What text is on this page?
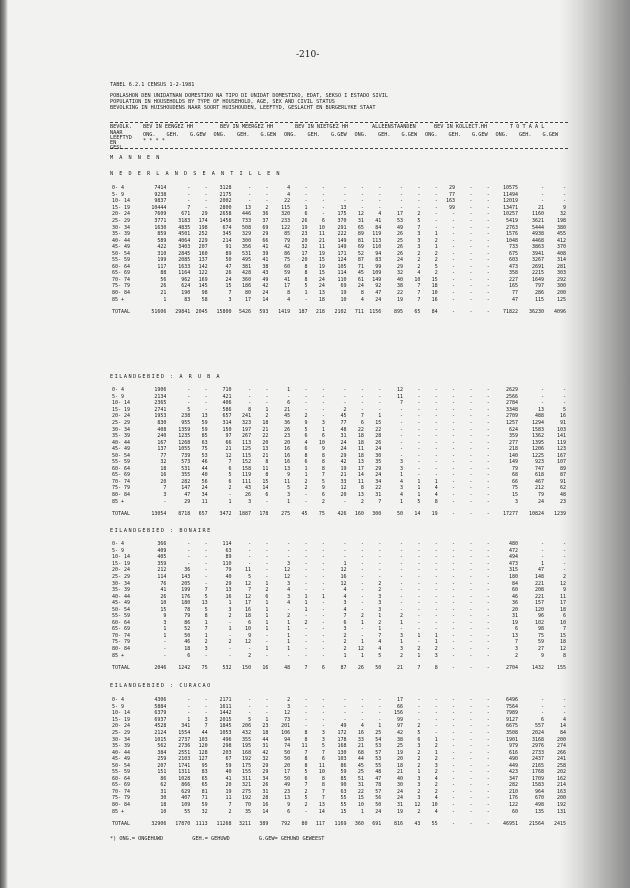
-210-
TABEL 6.2.1 CENSUS 1-2-1981
POBLASHON DEN UNIDATNAN DOMESTIKO NA TIPO DI UNIDAT DOMESTIKO, EDAT, SEKSO I ESTADO SIVIL
POPULATION IN HOUSEHOLDS BY TYPE OF HOUSEHOLD, AGE, SEX AND CIVIL STATUS
BEVOLKING IN HUISHOUDENS NAAR SOORT HUISHOUDEN, LEEFTYD, GESLACHT EN BURGERLYKE STAAT
BEVOLK.
NAAR
LEEFTYD
EN
GESL.
BEV IN EENGEZ HH	BEV IN MEERGEZ HH	BEV IN NIETGEZ HH	ALLEENSTAANDEN	BEV IN KOLLECT.HH	T O T A A L
* * * *
ONG. GEH. G.GEW ONG. GEH. G.GEW ONG. GEH. G.GEW ONG. GEH. G.GEW ONG. GEH. G.GEW ONG. GEH. G.GEW
M A N N E N
N E D E R L A N D S E A N T I L L E N
0- 4	7414	-	-	3128	-	-	4	-	-	-	-	-	-	-	-	29	-	-	10575	-	-
5- 9	9238	-	-	2175	-	-	4	-	-	-	-	-	-	-	-	77	-	-	11494	-	-
10- 14	9837	-	-	2002	-	-	22	-	-	-	-	-	-	-	-	163	-	-	12019	-	-
15- 19	10444	7	-	2800	13	2	115	1	-	13	-	-	-	-	-	99	-	-	13471	21	9
20- 24	7609	671	29	2658	446	36	320	6	-	175	12	4	17	2	-	-	-	-	10257	1160	32
25- 29	3771	3183	174	1458	733	37	233	26	6	370	31	41	53	5	-	-	-	-	5419	3621	198
30- 34	1630	4835	198	674	508	69	122	19	10	291	65	84	49	7	-	-	-	-	2763	5444	380
35- 39	859	4501	252	345	329	29	85	23	11	222	89	119	26	3	1	-	-	-	1576	4938	455
40- 44	589	4064	229	214	300	66	79	20	21	149	81	113	25	3	2	-	-	-	1048	4468	412
45- 49	422	3403	207	91	356	41	42	32	11	149	69	110	26	3	1	-	-	-	733	3863	370
50- 54	310	2845	160	89	531	39	86	17	19	171	52	94	26	2	2	-	-	-	675	3941	408
55- 59	199	2085	137	50	495	41	75	20	15	124	87	83	24	2	2	-	-	-	603	3267	314
60- 64	117	1633	142	47	381	38	60	8	19	105	71	99	29	2	5	-	-	-	473	2691	281
65- 69	88	1164	122	26	428	43	59	8	15	114	45	109	32	4	2	-	-	-	358	2215	303
70- 74	56	962	169	24	360	49	41	8	24	110	61	149	40	10	15	-	-	-	227	1649	292
75- 79	26	624	145	15	186	42	17	5	24	69	24	92	38	7	18	-	-	-	165	797	300
80- 84	21	190	98	7	80	24	8	1	13	19	8	47	22	7	10	-	-	-	77	286	200
85 +	1	83	58	3	17	14	4	-	18	10	4	24	19	7	16	-	-	-	47	115	125
TOTAAL	51606	29841	2045	15800	5426	593	1419	187	218	2102	711	1156	895	65	84	-	-	-	71822	36230	4096
EILANDGEBIED : A R U B A
0- 4	1906	-	-	710	-	-	1	-	-	-	-	-	12	-	-	-	-	-	2629	-	-
5- 9	2134	-	-	421	-	-	-	-	-	-	-	-	11	-	-	-	-	-	2566	-	-
10- 14	2365	-	-	406	-	-	6	-	-	-	-	-	7	-	-	-	-	-	2784	-	-
15- 19	2741	5	-	586	8	1	21	-	-	2	-	-	-	-	-	-	-	-	3348	13	5
20- 24	1953	238	13	657	241	2	45	2	-	45	7	1	-	-	-	-	-	-	2709	488	16
25- 29	830	955	59	314	323	18	36	9	3	77	6	15	-	-	-	-	-	-	1257	1294	91
30- 34	408	1359	59	150	197	21	26	5	1	48	22	22	-	-	-	-	-	-	624	1583	103
35- 39	240	1235	85	97	267	22	23	6	6	31	18	28	-	-	-	-	-	-	359	1362	141
40- 44	167	1268	63	66	113	20	20	4	10	24	18	26	-	-	-	-	-	-	277	1395	119
45- 49	137	1055	75	21	125	13	16	6	9	24	11	24	-	-	-	-	-	-	218	1206	123
50- 54	77	739	53	12	115	21	16	8	8	29	18	30	-	-	-	-	-	-	140	1225	167
55- 59	32	573	46	7	152	8	16	6	8	42	13	35	3	-	-	-	-	-	149	923	107
60- 64	18	531	44	6	158	11	13	1	8	19	17	29	3	-	-	-	-	-	79	747	89
65- 69	16	355	40	5	119	8	9	1	7	21	14	24	1	-	-	-	-	-	68	618	87
70- 74	20	282	56	6	111	15	11	2	5	33	11	34	4	1	1	-	-	-	66	467	91
75- 79	7	147	24	2	43	14	5	2	9	12	8	22	3	1	4	-	-	-	75	212	62
80- 84	3	47	34	-	26	6	3	-	6	20	13	31	4	1	4	-	-	-	15	79	48
85 +	-	29	11	1	3	-	1	-	2	-	2	7	1	5	8	-	-	-	3	24	23
TOTAAL	13054	8718	657	3472	1887	178	275	45	75	426	160	300	50	14	19	-	-	-	17277	10824	1239
EILANDGEBIED : BONAIRE
0- 4	366	-	-	114	-	-	-	-	-	-	-	-	-	-	-	-	-	-	480	-	-
5- 9	409	-	-	63	-	-	-	-	-	-	-	-	-	-	-	-	-	-	472	-	-
10- 14	405	-	-	89	-	-	-	-	-	-	-	-	-	-	-	-	-	-	494	-	-
15- 19	359	-	-	110	-	-	3	-	-	1	-	-	-	-	-	-	-	-	473	1	-
20- 24	212	36	-	79	11	-	12	-	-	12	-	-	-	-	-	-	-	-	315	47	-
25- 29	114	143	-	40	5	-	12	-	-	16	-	-	-	-	-	-	-	-	180	148	2
30- 34	76	205	-	29	12	1	3	-	-	12	-	2	-	-	-	-	-	-	84	221	12
35- 39	41	199	7	13	7	2	4	-	-	4	-	2	-	-	-	-	-	-	60	208	9
40- 44	26	176	5	16	12	6	3	1	1	4	-	3	-	-	-	-	-	-	46	221	11
45- 49	10	180	13	1	17	1	4	1	-	3	-	3	-	-	-	-	-	-	36	157	17
50- 54	15	78	5	3	16	1	-	1	-	4	-	3	-	-	-	-	-	-	20	120	18
55- 59	9	79	8	2	18	1	2	-	-	7	2	1	2	-	-	-	-	-	31	96	6
60- 64	3	86	1	-	6	1	1	2	-	6	1	2	1	-	-	-	-	-	19	102	10
65- 69	1	52	7	1	10	1	1	-	-	3	-	1	-	-	-	-	-	-	6	98	7
70- 74	1	50	1	-	9	-	1	-	-	2	-	7	3	1	1	-	-	-	13	75	15
75- 79	-	46	2	2	12	-	1	-	-	2	1	4	1	-	1	-	-	-	7	59	18
80- 84	-	18	3	-	-	1	1	-	-	2	12	4	3	2	2	-	-	-	3	27	12
85 +	-	6	-	-	2	-	-	-	-	1	1	5	2	1	3	-	-	-	2	9	8
TOTAAL	2046	1242	75	532	150	16	48	7	6	87	26	50	21	7	8	-	-	-	2704	1432	155
EILANDGEBIED : CURACAO
0- 4	4306	-	-	2171	-	-	2	-	-	-	-	-	17	-	-	-	-	-	6496	-	-
5- 9	5884	-	-	1611	-	-	3	-	-	-	-	-	66	-	-	-	-	-	7564	-	-
10- 14	6379	-	-	1442	-	-	12	-	-	-	-	-	156	-	-	-	-	-	7989	-	-
15- 19	6937	1	3	2015	5	1	73	-	-	-	-	-	99	-	-	-	-	-	9127	6	4
20- 24	4528	341	7	1845	206	23	201	-	-	49	4	1	97	2	-	-	-	-	6675	557	14
25- 29	2124	1554	44	1053	432	18	106	8	3	172	16	25	42	5	-	-	-	-	3508	2024	84
30- 34	1015	2737	103	496	355	44	94	8	3	178	33	54	38	6	1	-	-	-	1901	3168	200
35- 39	562	2736	120	298	195	31	74	11	5	168	21	53	25	3	2	-	-	-	979	2976	274
40- 44	384	2551	128	203	168	42	50	7	7	130	68	57	19	2	1	-	-	-	616	2733	266
45- 49	259	2103	127	67	192	32	50	8	6	103	44	53	20	2	2	-	-	-	490	2437	241
50- 54	207	1741	95	59	175	29	20	8	11	86	45	55	18	2	3	-	-	-	449	2165	258
55- 59	151	1311	83	40	155	29	17	5	10	59	25	48	21	1	2	-	-	-	423	1768	202
60- 64	86	1028	65	41	311	34	50	6	8	85	51	47	40	3	4	-	-	-	347	1709	162
65- 69	62	866	65	20	321	26	49	7	8	90	31	78	30	3	2	-	-	-	282	1583	214
70- 74	31	629	81	19	275	31	23	2	7	63	22	57	24	2	2	-	-	-	210	964	163
75- 79	30	407	71	11	192	28	13	5	7	55	15	56	24	3	4	-	-	-	176	670	200
80- 84	18	109	59	7	70	16	9	2	13	55	10	50	31	12	10	-	-	-	122	498	192
85 +	10	55	32	2	35	14	6	-	14	15	1	24	19	2	4	-	-	-	60	135	131
TOTAAL	32906	17870	1113	11268	3211	389	792	80	117	1169	360	691	816	43	55	-	-	-	46951	21564	2415
*) ONG.= ONGEHUWD	GEH.= GEHUWD	G.GEW= GEHUWD GEWEEST
